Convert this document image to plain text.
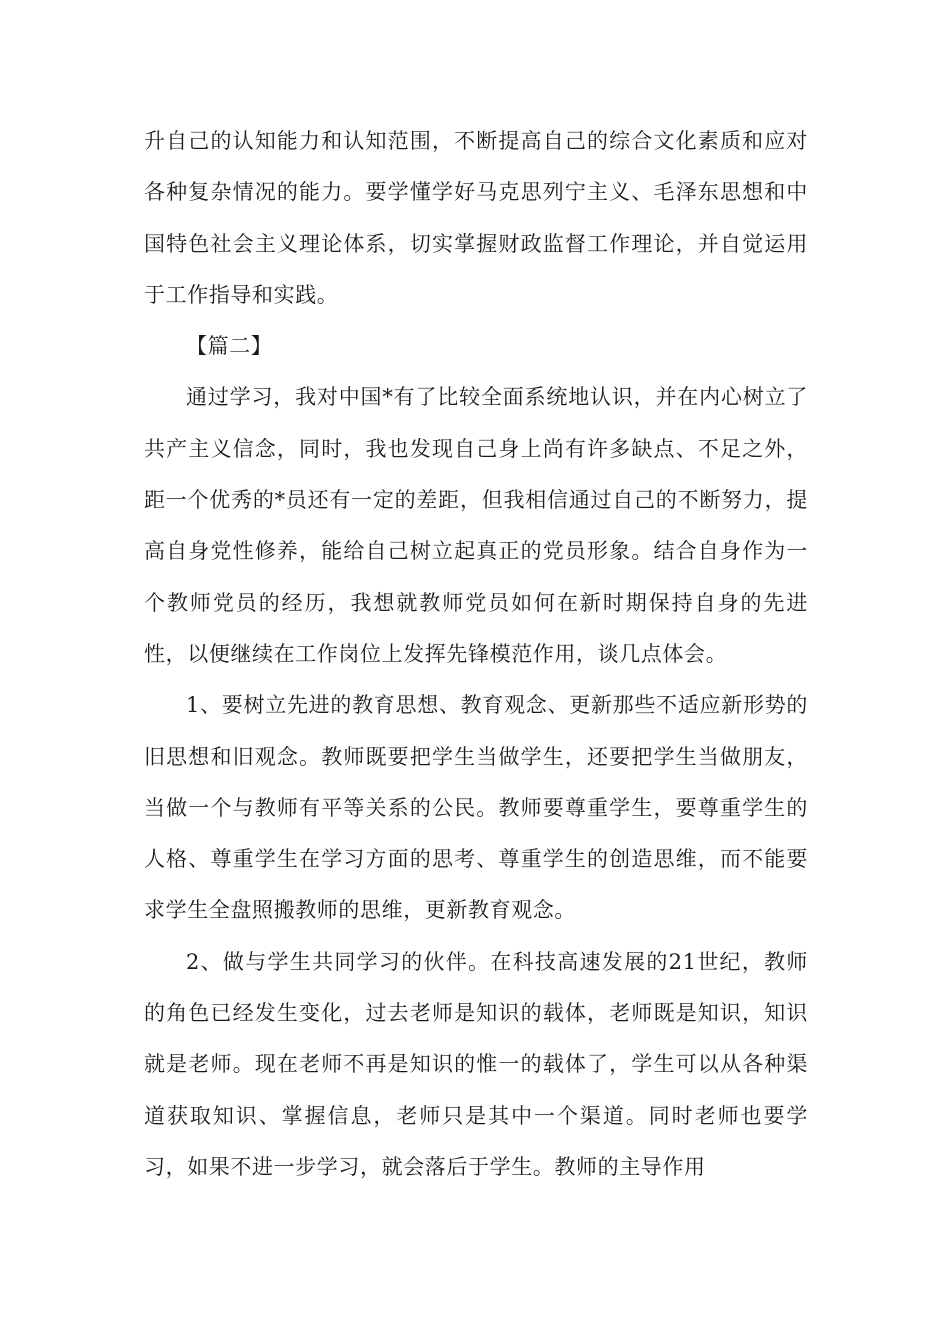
升自己的认知能力和认知范围，不断提高自己的综合文化素质和应对各种复杂情况的能力。要学懂学好马克思列宁主义、毛泽东思想和中国特色社会主义理论体系，切实掌握财政监督工作理论，并自觉运用于工作指导和实践。

【篇二】

通过学习，我对中国*有了比较全面系统地认识，并在内心树立了共产主义信念，同时，我也发现自己身上尚有许多缺点、不足之外，距一个优秀的*员还有一定的差距，但我相信通过自己的不断努力，提高自身党性修养，能给自己树立起真正的党员形象。结合自身作为一个教师党员的经历，我想就教师党员如何在新时期保持自身的先进性，以便继续在工作岗位上发挥先锋模范作用，谈几点体会。

1、要树立先进的教育思想、教育观念、更新那些不适应新形势的旧思想和旧观念。教师既要把学生当做学生，还要把学生当做朋友，当做一个与教师有平等关系的公民。教师要尊重学生，要尊重学生的人格、尊重学生在学习方面的思考、尊重学生的创造思维，而不能要求学生全盘照搬教师的思维，更新教育观念。

2、做与学生共同学习的伙伴。在科技高速发展的21世纪，教师的角色已经发生变化，过去老师是知识的载体，老师既是知识，知识就是老师。现在老师不再是知识的惟一的载体了，学生可以从各种渠道获取知识、掌握信息，老师只是其中一个渠道。同时老师也要学习，如果不进一步学习，就会落后于学生。教师的主导作用
